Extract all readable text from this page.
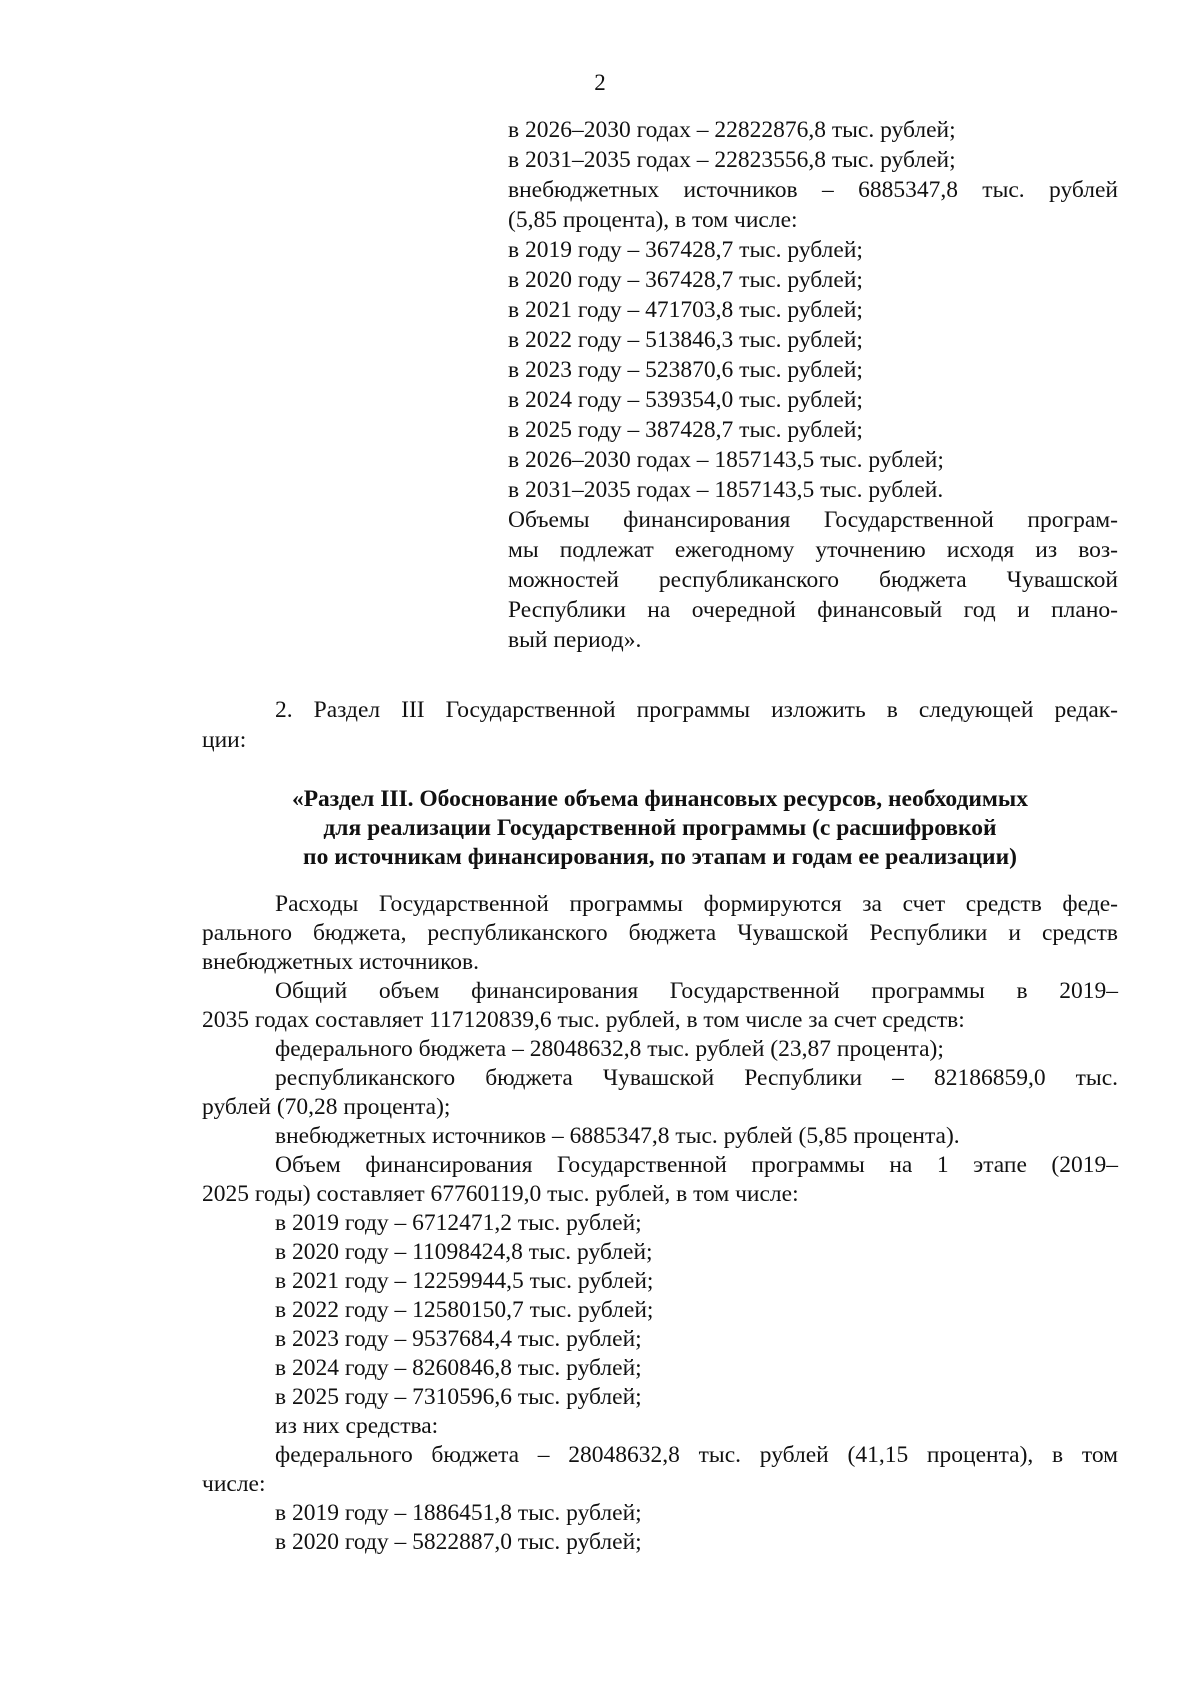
2
в 2026–2030 годах – 22822876,8 тыс. рублей;
в 2031–2035 годах – 22823556,8 тыс. рублей;
внебюджетных источников – 6885347,8 тыс. рублей
(5,85 процента), в том числе:
в 2019 году – 367428,7 тыс. рублей;
в 2020 году – 367428,7 тыс. рублей;
в 2021 году – 471703,8 тыс. рублей;
в 2022 году – 513846,3 тыс. рублей;
в 2023 году – 523870,6 тыс. рублей;
в 2024 году – 539354,0 тыс. рублей;
в 2025 году – 387428,7 тыс. рублей;
в 2026–2030 годах – 1857143,5 тыс. рублей;
в 2031–2035 годах – 1857143,5 тыс. рублей.
Объемы финансирования Государственной програм-
мы подлежат ежегодному уточнению исходя из воз-
можностей республиканского бюджета Чувашской
Республики на очередной финансовый год и плано-
вый период».
2. Раздел III Государственной программы изложить в следующей редак-
ции:
«Раздел III. Обоснование объема финансовых ресурсов, необходимых
для реализации Государственной программы (с расшифровкой
по источникам финансирования, по этапам и годам ее реализации)
Расходы Государственной программы формируются за счет средств феде-
рального бюджета, республиканского бюджета Чувашской Республики и средств
внебюджетных источников.
Общий объем финансирования Государственной программы в 2019–
2035 годах составляет 117120839,6 тыс. рублей, в том числе за счет средств:
федерального бюджета – 28048632,8 тыс. рублей (23,87 процента);
республиканского бюджета Чувашской Республики – 82186859,0 тыс.
рублей (70,28 процента);
внебюджетных источников – 6885347,8 тыс. рублей (5,85 процента).
Объем финансирования Государственной программы на 1 этапе (2019–
2025 годы) составляет 67760119,0 тыс. рублей, в том числе:
в 2019 году – 6712471,2 тыс. рублей;
в 2020 году – 11098424,8 тыс. рублей;
в 2021 году – 12259944,5 тыс. рублей;
в 2022 году – 12580150,7 тыс. рублей;
в 2023 году – 9537684,4 тыс. рублей;
в 2024 году – 8260846,8 тыс. рублей;
в 2025 году – 7310596,6 тыс. рублей;
из них средства:
федерального бюджета – 28048632,8 тыс. рублей (41,15 процента), в том
числе:
в 2019 году – 1886451,8 тыс. рублей;
в 2020 году – 5822887,0 тыс. рублей;
